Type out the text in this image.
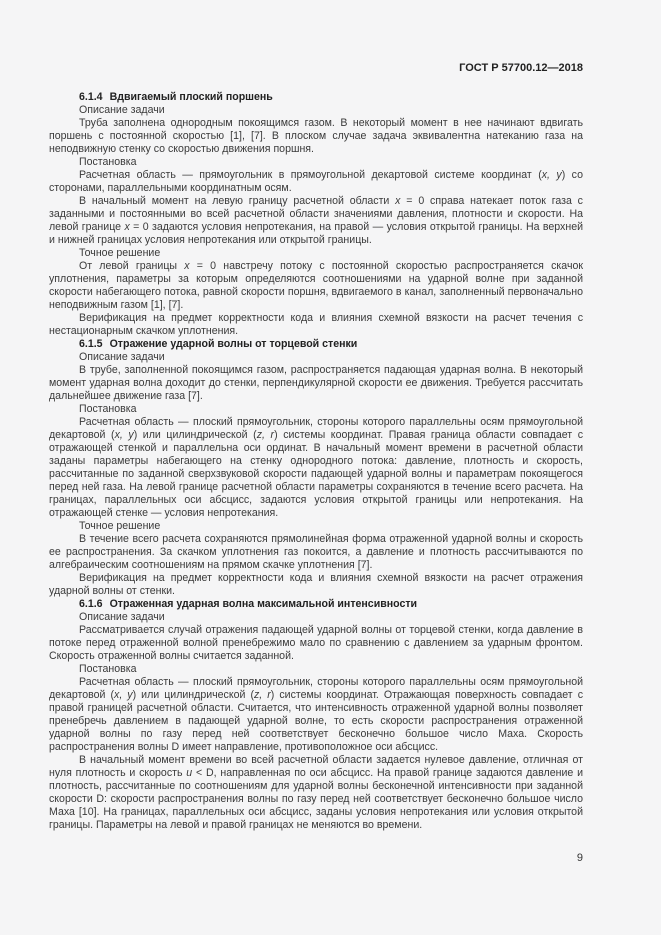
ГОСТ Р 57700.12—2018

6.1.4 Вдвигаемый плоский поршень

Описание задачи

Труба заполнена однородным покоящимся газом. В некоторый момент в нее начинают вдвигать поршень с постоянной скоростью [1], [7]. В плоском случае задача эквивалентна натеканию газа на неподвижную стенку со скоростью движения поршня.

Постановка

Расчетная область — прямоугольник в прямоугольной декартовой системе координат (x, y) со сторонами, параллельными координатным осям.

В начальный момент на левую границу расчетной области x = 0 справа натекает поток газа с заданными и постоянными во всей расчетной области значениями давления, плотности и скорости. На левой границе x = 0 задаются условия непротекания, на правой — условия открытой границы. На верхней и нижней границах условия непротекания или открытой границы.

Точное решение

От левой границы x = 0 навстречу потоку с постоянной скоростью распространяется скачок уплотнения, параметры за которым определяются соотношениями на ударной волне при заданной скорости набегающего потока, равной скорости поршня, вдвигаемого в канал, заполненный первоначально неподвижным газом [1], [7].

Верификация на предмет корректности кода и влияния схемной вязкости на расчет течения с нестационарным скачком уплотнения.

6.1.5 Отражение ударной волны от торцевой стенки

Описание задачи

В трубе, заполненной покоящимся газом, распространяется падающая ударная волна. В некоторый момент ударная волна доходит до стенки, перпендикулярной скорости ее движения. Требуется рассчитать дальнейшее движение газа [7].

Постановка

Расчетная область — плоский прямоугольник, стороны которого параллельны осям прямоугольной декартовой (x, y) или цилиндрической (z, r) системы координат. Правая граница области совпадает с отражающей стенкой и параллельна оси ординат. В начальный момент времени в расчетной области заданы параметры набегающего на стенку однородного потока: давление, плотность и скорость, рассчитанные по заданной сверхзвуковой скорости падающей ударной волны и параметрам покоящегося перед ней газа. На левой границе расчетной области параметры сохраняются в течение всего расчета. На границах, параллельных оси абсцисс, задаются условия открытой границы или непротекания. На отражающей стенке — условия непротекания.

Точное решение

В течение всего расчета сохраняются прямолинейная форма отраженной ударной волны и скорость ее распространения. За скачком уплотнения газ покоится, а давление и плотность рассчитываются по алгебраическим соотношениям на прямом скачке уплотнения [7].

Верификация на предмет корректности кода и влияния схемной вязкости на расчет отражения ударной волны от стенки.

6.1.6 Отраженная ударная волна максимальной интенсивности

Описание задачи

Рассматривается случай отражения падающей ударной волны от торцевой стенки, когда давление в потоке перед отраженной волной пренебрежимо мало по сравнению с давлением за ударным фронтом. Скорость отраженной волны считается заданной.

Постановка

Расчетная область — плоский прямоугольник, стороны которого параллельны осям прямоугольной декартовой (x, y) или цилиндрической (z, r) системы координат. Отражающая поверхность совпадает с правой границей расчетной области. Считается, что интенсивность отраженной ударной волны позволяет пренебречь давлением в падающей ударной волне, то есть скорости распространения отраженной ударной волны по газу перед ней соответствует бесконечно большое число Маха. Скорость распространения волны D имеет направление, противоположное оси абсцисс.

В начальный момент времени во всей расчетной области задается нулевое давление, отличная от нуля плотность и скорость u < D, направленная по оси абсцисс. На правой границе задаются давление и плотность, рассчитанные по соотношениям для ударной волны бесконечной интенсивности при заданной скорости D: скорости распространения волны по газу перед ней соответствует бесконечно большое число Маха [10]. На границах, параллельных оси абсцисс, заданы условия непротекания или условия открытой границы. Параметры на левой и правой границах не меняются во времени.

9
